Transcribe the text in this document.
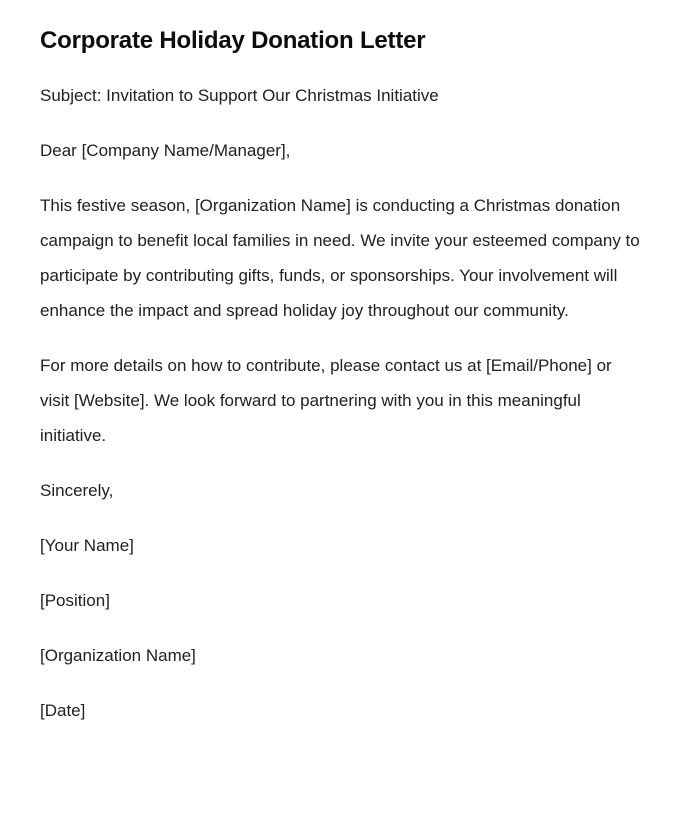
Corporate Holiday Donation Letter

Subject: Invitation to Support Our Christmas Initiative

Dear [Company Name/Manager],

This festive season, [Organization Name] is conducting a Christmas donation campaign to benefit local families in need. We invite your esteemed company to participate by contributing gifts, funds, or sponsorships. Your involvement will enhance the impact and spread holiday joy throughout our community.

For more details on how to contribute, please contact us at [Email/Phone] or visit [Website]. We look forward to partnering with you in this meaningful initiative.

Sincerely,

[Your Name]

[Position]

[Organization Name]

[Date]
